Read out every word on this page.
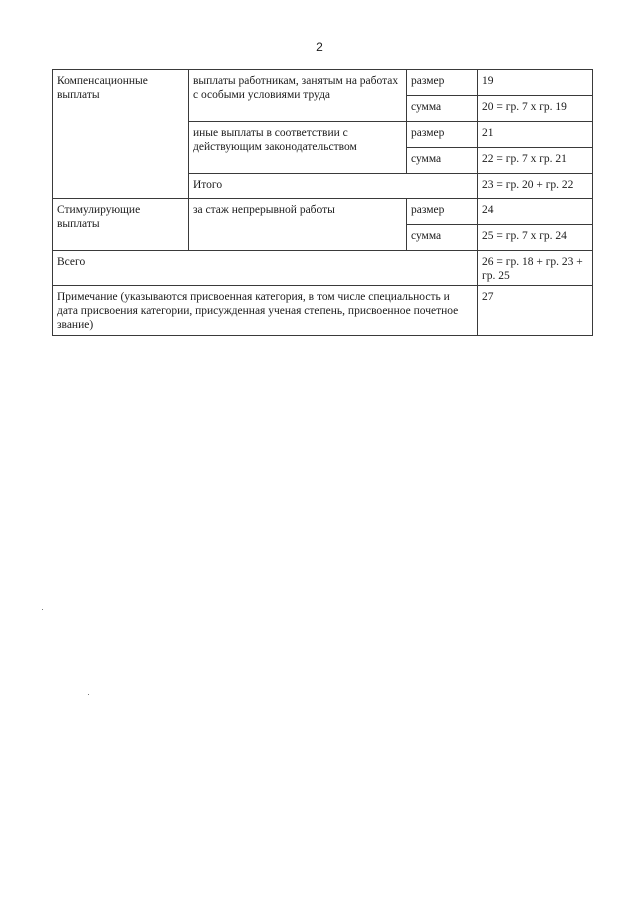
2
Компенсационные выплаты	выплаты работникам, занятым на работах с особыми условиями труда	размер	19
		сумма	20 = гр. 7 х гр. 19
	иные выплаты в соответствии с действующим законодательством	размер	21
		сумма	22 = гр. 7 х гр. 21
	Итого		23 = гр. 20 + гр. 22
Стимулирующие выплаты	за стаж непрерывной работы	размер	24
		сумма	25 = гр. 7 х гр. 24
Всего			26 = гр. 18 + гр. 23 + гр. 25
Примечание (указываются присвоенная категория, в том числе специальность и дата присвоения категории, присужденная ученая степень, присвоенное почетное звание)			27
